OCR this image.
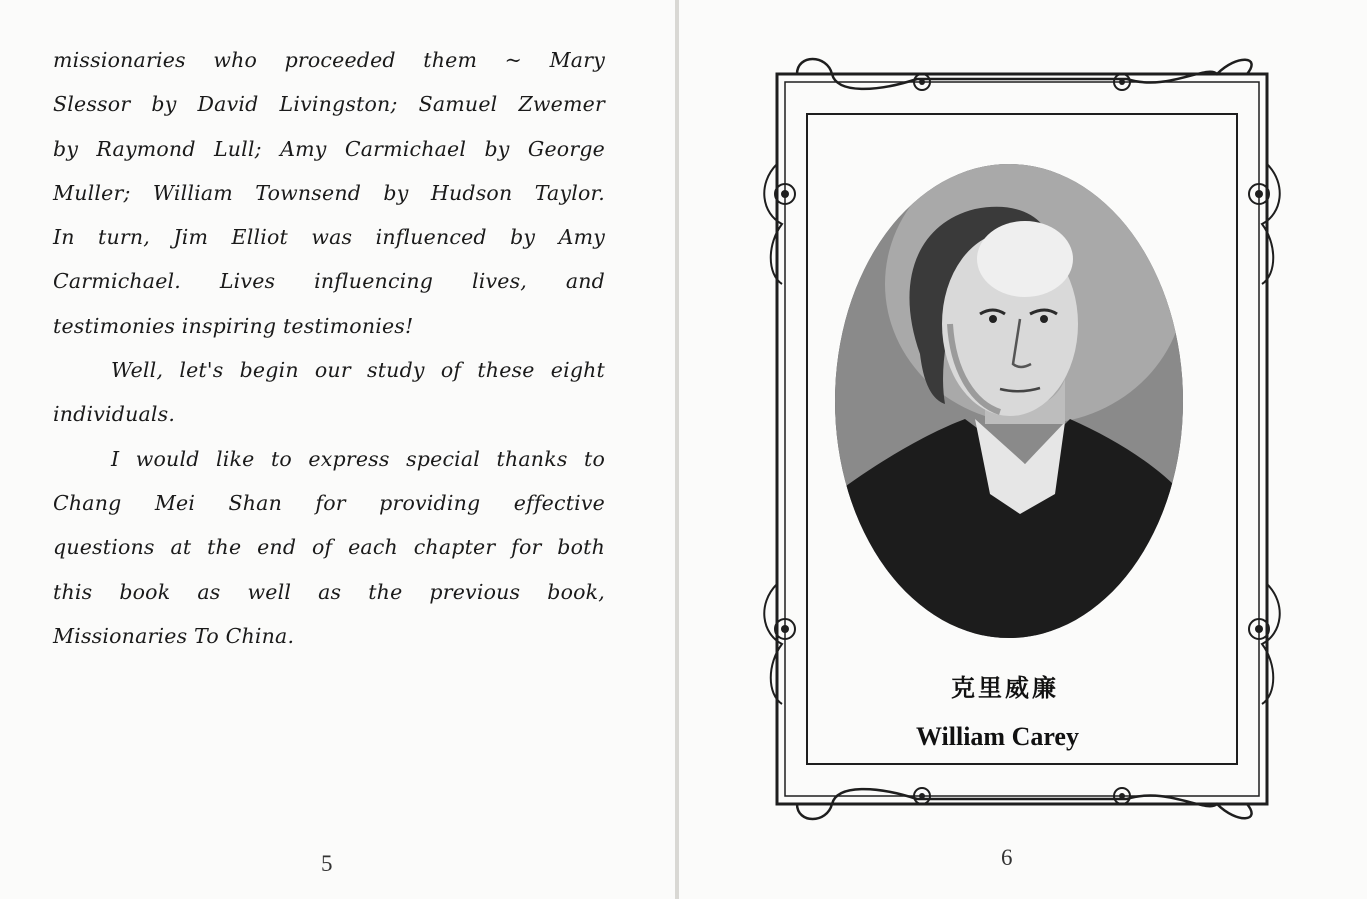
missionaries who proceeded them ~ Mary
Slessor by David Livingston; Samuel Zwemer
by Raymond Lull; Amy Carmichael by George
Muller; William Townsend by Hudson Taylor.
In turn, Jim Elliot was influenced by Amy
Carmichael. Lives influencing lives, and
testimonies inspiring testimonies!
Well, let's begin our study of these eight
individuals.
I would like to express special thanks to
Chang Mei Shan for providing effective
questions at the end of each chapter for both
this book as well as the previous book,
Missionaries To China.
5
克里威廉
William Carey
6
